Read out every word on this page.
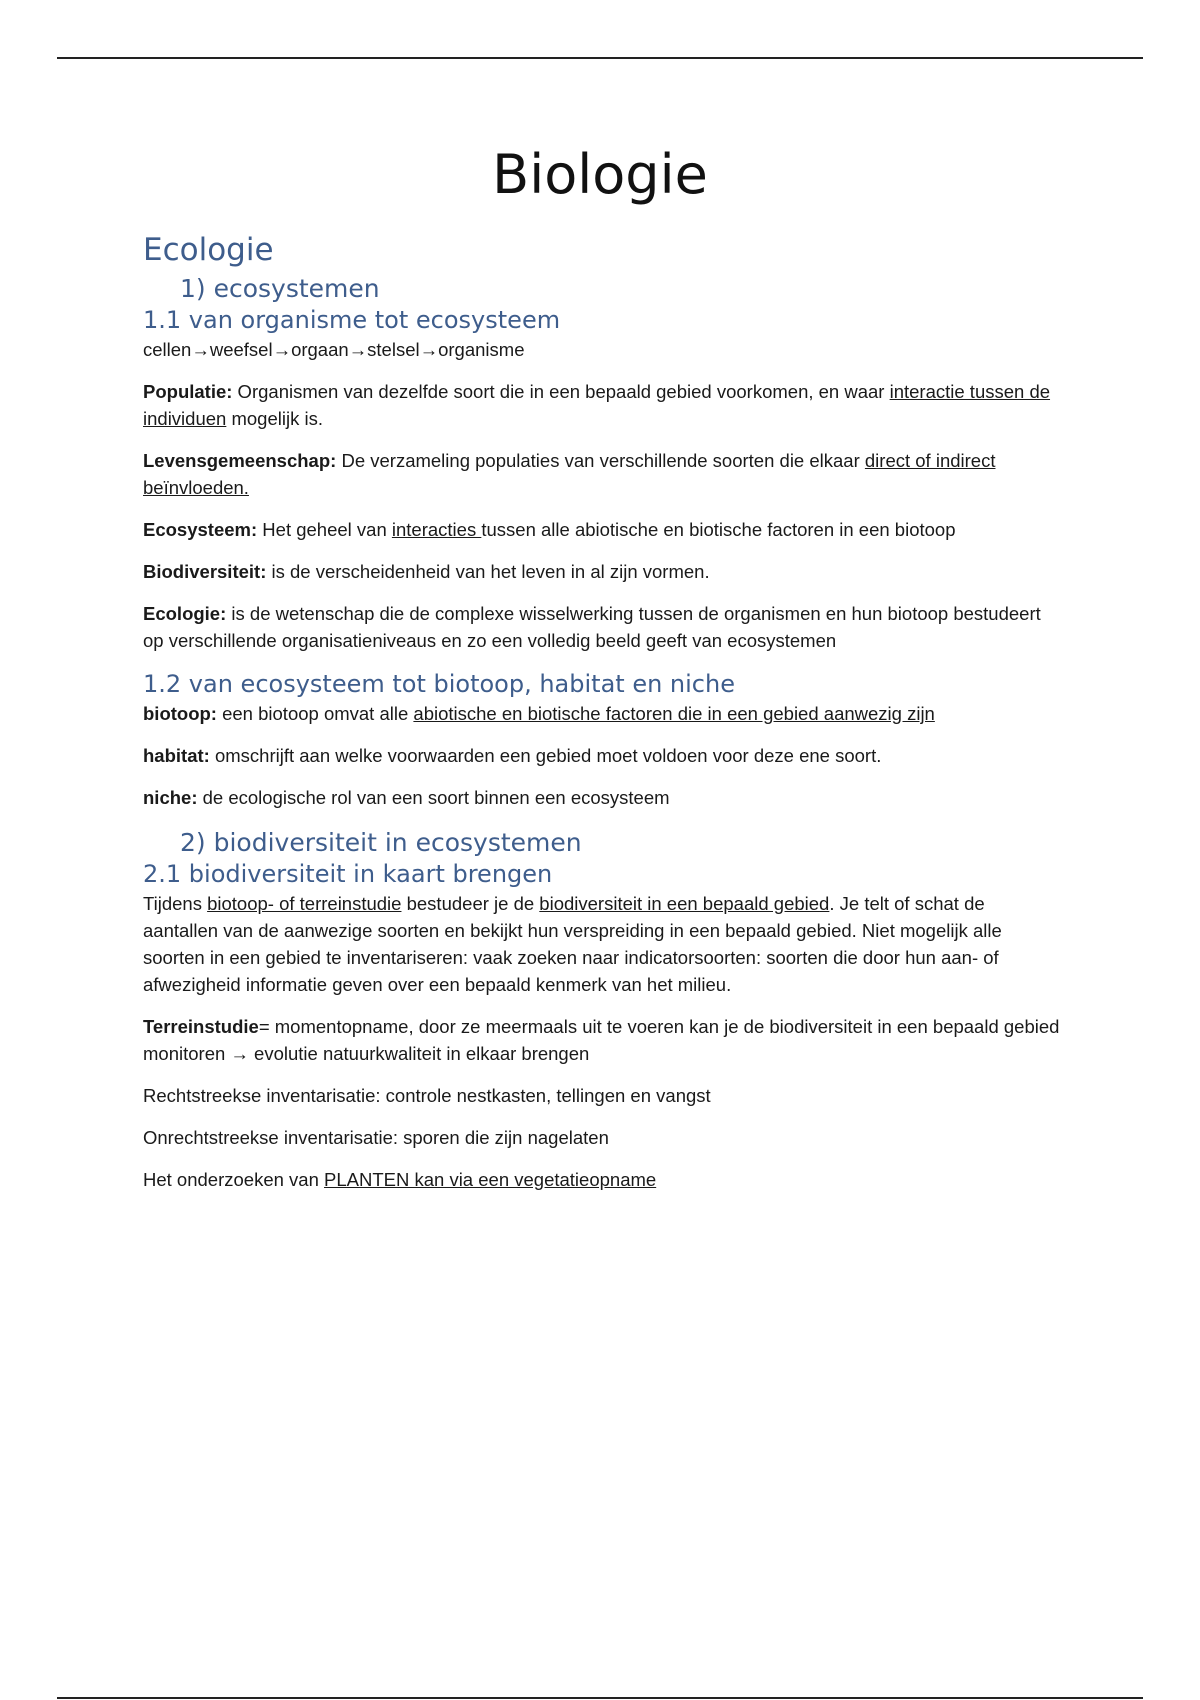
Biologie
Ecologie
1) ecosystemen
1.1 van organisme tot ecosysteem

cellen→weefsel→orgaan→stelsel→organisme

Populatie: Organismen van dezelfde soort die in een bepaald gebied voorkomen, en waar interactie tussen de individuen mogelijk is.

Levensgemeenschap: De verzameling populaties van verschillende soorten die elkaar direct of indirect beïnvloeden.

Ecosysteem: Het geheel van interacties tussen alle abiotische en biotische factoren in een biotoop

Biodiversiteit: is de verscheidenheid van het leven in al zijn vormen.

Ecologie: is de wetenschap die de complexe wisselwerking tussen de organismen en hun biotoop bestudeert op verschillende organisatieniveaus en zo een volledig beeld geeft van ecosystemen

1.2 van ecosysteem tot biotoop, habitat en niche

biotoop: een biotoop omvat alle abiotische en biotische factoren die in een gebied aanwezig zijn

habitat: omschrijft aan welke voorwaarden een gebied moet voldoen voor deze ene soort.

niche: de ecologische rol van een soort binnen een ecosysteem

2) biodiversiteit in ecosystemen
2.1 biodiversiteit in kaart brengen

Tijdens biotoop- of terreinstudie bestudeer je de biodiversiteit in een bepaald gebied. Je telt of schat de aantallen van de aanwezige soorten en bekijkt hun verspreiding in een bepaald gebied. Niet mogelijk alle soorten in een gebied te inventariseren: vaak zoeken naar indicatorsoorten: soorten die door hun aan- of afwezigheid informatie geven over een bepaald kenmerk van het milieu.

Terreinstudie= momentopname, door ze meermaals uit te voeren kan je de biodiversiteit in een bepaald gebied monitoren → evolutie natuurkwaliteit in elkaar brengen

Rechtstreekse inventarisatie: controle nestkasten, tellingen en vangst

Onrechtstreekse inventarisatie: sporen die zijn nagelaten

Het onderzoeken van PLANTEN kan via een vegetatieopname
